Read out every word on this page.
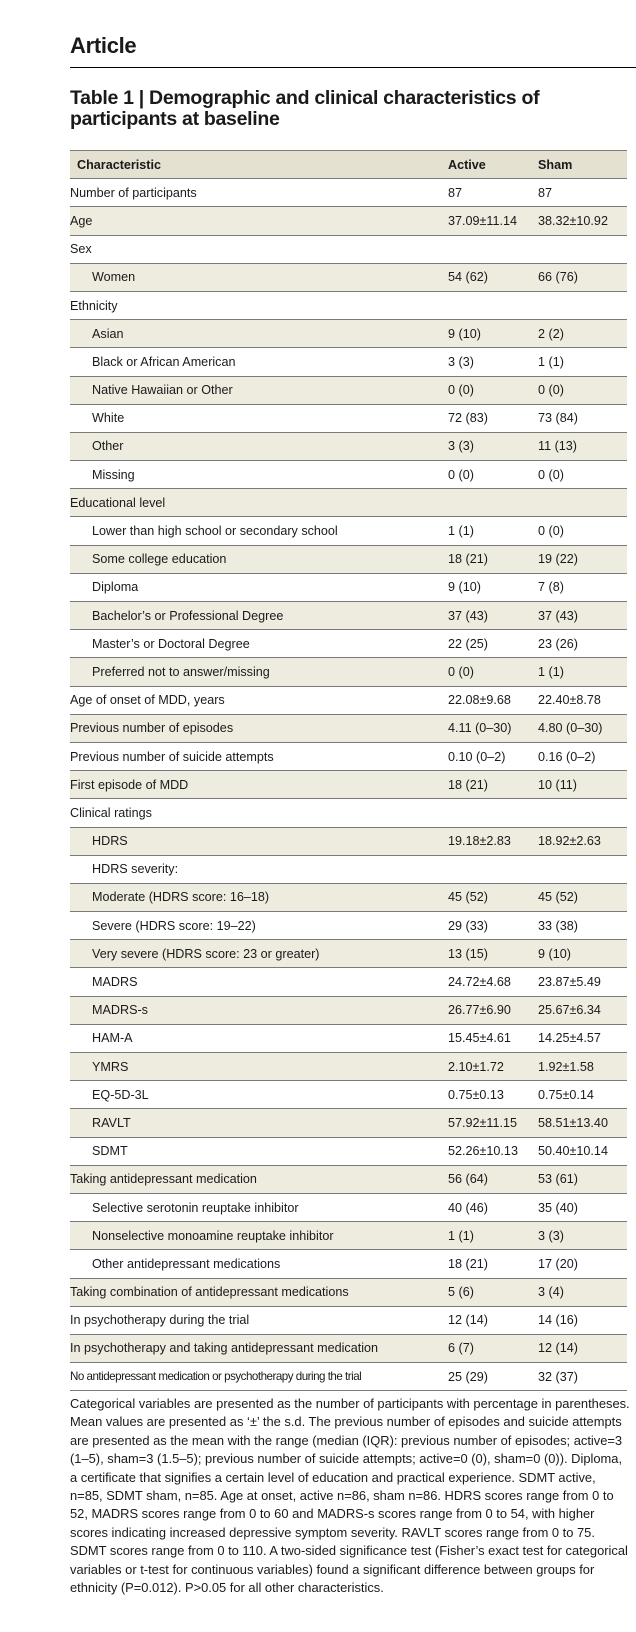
Article
Table 1 | Demographic and clinical characteristics of participants at baseline
Characteristic	Active	Sham
Number of participants	87	87
Age	37.09±11.14	38.32±10.92
Sex		
Women	54 (62)	66 (76)
Ethnicity		
Asian	9 (10)	2 (2)
Black or African American	3 (3)	1 (1)
Native Hawaiian or Other	0 (0)	0 (0)
White	72 (83)	73 (84)
Other	3 (3)	11 (13)
Missing	0 (0)	0 (0)
Educational level		
Lower than high school or secondary school	1 (1)	0 (0)
Some college education	18 (21)	19 (22)
Diploma	9 (10)	7 (8)
Bachelor’s or Professional Degree	37 (43)	37 (43)
Master’s or Doctoral Degree	22 (25)	23 (26)
Preferred not to answer/missing	0 (0)	1 (1)
Age of onset of MDD, years	22.08±9.68	22.40±8.78
Previous number of episodes	4.11 (0–30)	4.80 (0–30)
Previous number of suicide attempts	0.10 (0–2)	0.16 (0–2)
First episode of MDD	18 (21)	10 (11)
Clinical ratings		
HDRS	19.18±2.83	18.92±2.63
HDRS severity:		
Moderate (HDRS score: 16–18)	45 (52)	45 (52)
Severe (HDRS score: 19–22)	29 (33)	33 (38)
Very severe (HDRS score: 23 or greater)	13 (15)	9 (10)
MADRS	24.72±4.68	23.87±5.49
MADRS-s	26.77±6.90	25.67±6.34
HAM-A	15.45±4.61	14.25±4.57
YMRS	2.10±1.72	1.92±1.58
EQ-5D-3L	0.75±0.13	0.75±0.14
RAVLT	57.92±11.15	58.51±13.40
SDMT	52.26±10.13	50.40±10.14
Taking antidepressant medication	56 (64)	53 (61)
Selective serotonin reuptake inhibitor	40 (46)	35 (40)
Nonselective monoamine reuptake inhibitor	1 (1)	3 (3)
Other antidepressant medications	18 (21)	17 (20)
Taking combination of antidepressant medications	5 (6)	3 (4)
In psychotherapy during the trial	12 (14)	14 (16)
In psychotherapy and taking antidepressant medication	6 (7)	12 (14)
No antidepressant medication or psychotherapy during the trial	25 (29)	32 (37)

Categorical variables are presented as the number of participants with percentage in parentheses. Mean values are presented as ‘±’ the s.d. The previous number of episodes and suicide attempts are presented as the mean with the range (median (IQR): previous number of episodes; active=3 (1–5), sham=3 (1.5–5); previous number of suicide attempts; active=0 (0), sham=0 (0)). Diploma, a certificate that signifies a certain level of education and practical experience. SDMT active, n=85, SDMT sham, n=85. Age at onset, active n=86, sham n=86. HDRS scores range from 0 to 52, MADRS scores range from 0 to 60 and MADRS-s scores range from 0 to 54, with higher scores indicating increased depressive symptom severity. RAVLT scores range from 0 to 75. SDMT scores range from 0 to 110. A two-sided significance test (Fisher’s exact test for categorical variables or t-test for continuous variables) found a significant difference between groups for ethnicity (P=0.012). P>0.05 for all other characteristics.
